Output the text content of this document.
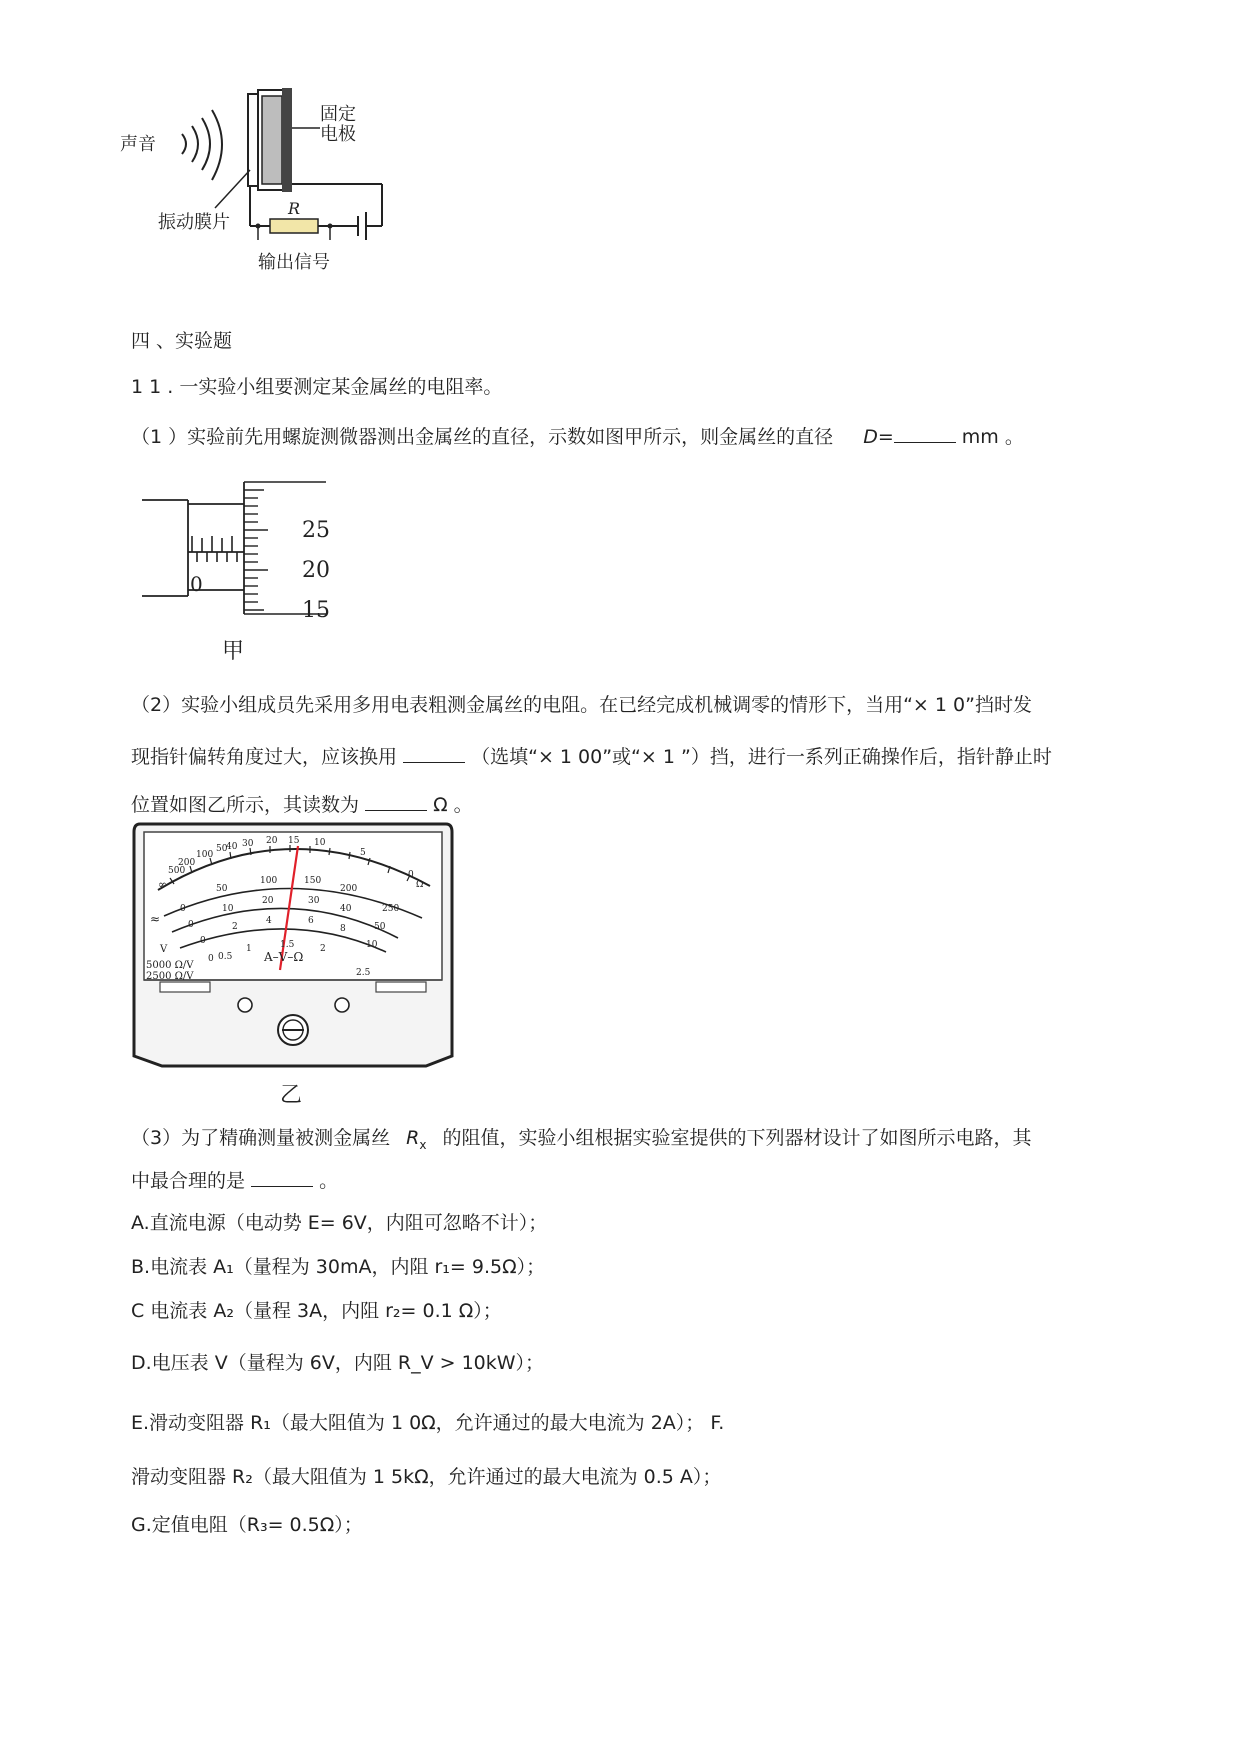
声音
固定
电极
振动膜片
R
输出信号
四 、实验题
1 1 . 一实验小组要测定某金属丝的电阻率。
（1 ）实验前先用螺旋测微器测出金属丝的直径，示数如图甲所示，则金属丝的直径 D=	mm 。
25
20
15
0
甲
（2）实验小组成员先采用多用电表粗测金属丝的电阻。在已经完成机械调零的情形下，当用“× 1 0”挡时发
现指针偏转角度过大，应该换用	（选填“× 1 00”或“× 1 ”）挡，进行一系列正确操作后，指针静止时
位置如图乙所示，其读数为	Ω 。
500
200
100
50
40 30 20 15 10
5
0
Ω
∞
0
50
100	150
200
250
0
10
20	30
40
50
0
2
4	6
8
10
0 0.5
1	1.5	2
2.5
≈
V
A–V–Ω
5000 Ω/V
2500 Ω/V
乙
（3）为了精确测量被测金属丝 $R_x$ 的阻值，实验小组根据实验室提供的下列器材设计了如图所示电路，其
中最合理的是	。
A.直流电源（电动势 E= 6V，内阻可忽略不计）；
B.电流表 A₁（量程为 30mA，内阻 r₁= 9.5Ω）；
C 电流表 A₂（量程 3A，内阻 r₂= 0.1 Ω）；
D.电压表 V（量程为 6V，内阻 R_V > 10kW）；
E.滑动变阻器 R₁（最大阻值为 1 0Ω，允许通过的最大电流为 2A）； F.
滑动变阻器 R₂（最大阻值为 1 5kΩ，允许通过的最大电流为 0.5 A）；
G.定值电阻（R₃= 0.5Ω）；
